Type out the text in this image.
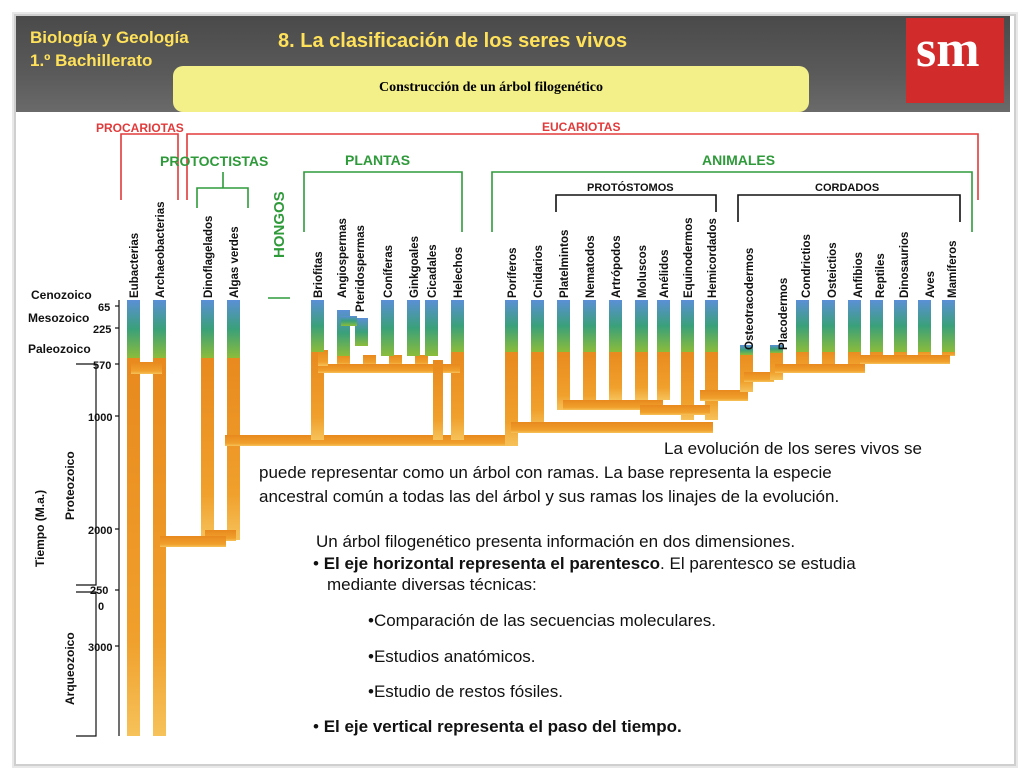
Biología y Geología
1.º Bachillerato
8. La clasificación de los seres vivos	sm
Construcción de un árbol filogenético
PROCARIOTAS	EUCARIOTAS
PROTOCTISTAS	PLANTAS	ANIMALES
PROTÓSTOMOS	CORDADOS
HONGOS
Eubacterias Archaeobacterias	Dinoflagelados Algas verdes	Briofitas Angiospermas Pteridospermas Coníferas Ginkgoales Cicadales Helechos	Poríferos Cnidarios Platelmintos Nematodos Artrópodos Moluscos Anélidos Equinodermos Hemicordados Osteotracodermos Placodermos
Condrictios Osteictios Anfibios Reptiles Dinosaurios Aves Mamíferos
Cenozoico
Mesozoico
Paleozoico
Proteozoico
Arqueozoico
Tiempo (M.a.)
65
225
570
1000
2000
250
0
3000
La evolución de los seres vivos se
puede representar como un árbol con ramas. La base representa la especie
ancestral común a todas las del árbol y sus ramas los linajes de la evolución.
Un árbol filogenético presenta información en dos dimensiones.
• El eje horizontal representa el parentesco. El parentesco se estudia
mediante diversas técnicas:
•Comparación de las secuencias moleculares.
•Estudios anatómicos.
•Estudio de restos fósiles.
• El eje vertical representa el paso del tiempo.
